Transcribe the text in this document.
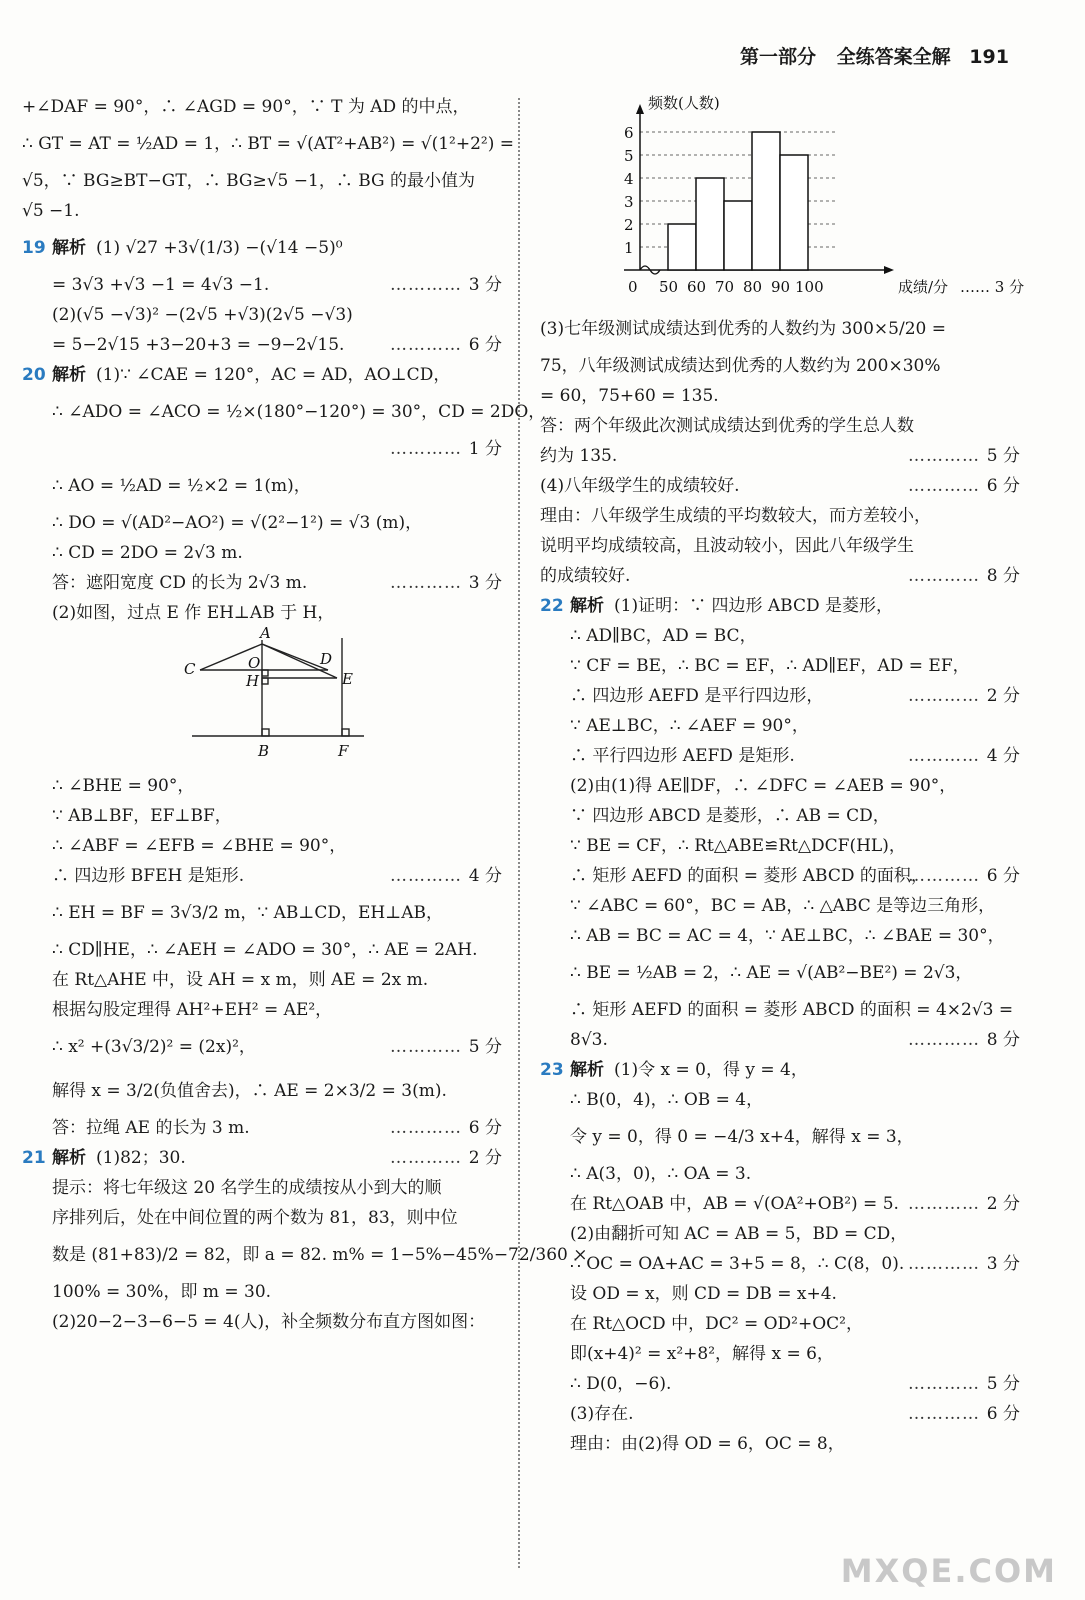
第一部分 全练答案全解 191
+∠DAF = 90°，∴ ∠AGD = 90°，∵ T 为 AD 的中点，
∴ GT = AT = ½AD = 1，∴ BT = √(AT²+AB²) = √(1²+2²) =
√5，∵ BG≥BT−GT，∴ BG≥√5 −1，∴ BG 的最小值为
√5 −1.
19 解析 (1) √27 +3√(1/3) −(√14 −5)⁰
= 3√3 +√3 −1 = 4√3 −1.	………… 3 分
(2)(√5 −√3)² −(2√5 +√3)(2√5 −√3)
= 5−2√15 +3−20+3 = −9−2√15.	………… 6 分
20 解析 (1)∵ ∠CAE = 120°，AC = AD，AO⊥CD，
∴ ∠ADO = ∠ACO = ½×(180°−120°) = 30°，CD = 2DO，
………… 1 分
∴ AO = ½AD = ½×2 = 1(m)，
∴ DO = √(AD²−AO²) = √(2²−1²) = √3 (m)，
∴ CD = 2DO = 2√3 m.
答：遮阳宽度 CD 的长为 2√3 m.	………… 3 分
(2)如图，过点 E 作 EH⊥AB 于 H，
A
C	O	D
H	E
B	F
∴ ∠BHE = 90°，
∵ AB⊥BF，EF⊥BF，
∴ ∠ABF = ∠EFB = ∠BHE = 90°，
∴ 四边形 BFEH 是矩形.	………… 4 分
∴ EH = BF = 3√3/2 m，∵ AB⊥CD，EH⊥AB，
∴ CD∥HE，∴ ∠AEH = ∠ADO = 30°，∴ AE = 2AH.
在 Rt△AHE 中，设 AH = x m，则 AE = 2x m.
根据勾股定理得 AH²+EH² = AE²，
∴ x² +(3√3/2)² = (2x)²，	………… 5 分
解得 x = 3/2(负值舍去)，∴ AE = 2×3/2 = 3(m).
答：拉绳 AE 的长为 3 m.	………… 6 分
21 解析 (1)82；30.	………… 2 分
提示：将七年级这 20 名学生的成绩按从小到大的顺
序排列后，处在中间位置的两个数为 81，83，则中位
数是 (81+83)/2 = 82，即 a = 82. m% = 1−5%−45%−72/360 ×
100% = 30%，即 m = 30.
(2)20−2−3−6−5 = 4(人)，补全频数分布直方图如图：
1
2
3
4
5
6
0 50 60 70 80 90 100
频数(人数)
成绩/分 …… 3 分
(3)七年级测试成绩达到优秀的人数约为 300×5/20 =
75，八年级测试成绩达到优秀的人数约为 200×30%
= 60，75+60 = 135.
答：两个年级此次测试成绩达到优秀的学生总人数
约为 135.	………… 5 分
(4)八年级学生的成绩较好.	………… 6 分
理由：八年级学生成绩的平均数较大，而方差较小，
说明平均成绩较高，且波动较小，因此八年级学生
的成绩较好.	………… 8 分
22 解析 (1)证明：∵ 四边形 ABCD 是菱形，
∴ AD∥BC，AD = BC，
∵ CF = BE，∴ BC = EF，∴ AD∥EF，AD = EF，
∴ 四边形 AEFD 是平行四边形，	………… 2 分
∵ AE⊥BC，∴ ∠AEF = 90°，
∴ 平行四边形 AEFD 是矩形.	………… 4 分
(2)由(1)得 AE∥DF，∴ ∠DFC = ∠AEB = 90°，
∵ 四边形 ABCD 是菱形，∴ AB = CD，
∵ BE = CF，∴ Rt△ABE≌Rt△DCF(HL)，
∴ 矩形 AEFD 的面积 = 菱形 ABCD 的面积，
………… 6 分
∵ ∠ABC = 60°，BC = AB，∴ △ABC 是等边三角形，
∴ AB = BC = AC = 4，∵ AE⊥BC，∴ ∠BAE = 30°，
∴ BE = ½AB = 2，∴ AE = √(AB²−BE²) = 2√3，
∴ 矩形 AEFD 的面积 = 菱形 ABCD 的面积 = 4×2√3 =
8√3.	………… 8 分
23 解析 (1)令 x = 0，得 y = 4，
∴ B(0，4)，∴ OB = 4，
令 y = 0，得 0 = −4/3 x+4，解得 x = 3，
∴ A(3，0)，∴ OA = 3.
在 Rt△OAB 中，AB = √(OA²+OB²) = 5. ………… 2 分
(2)由翻折可知 AC = AB = 5，BD = CD，
∴ OC = OA+AC = 3+5 = 8，∴ C(8，0). ………… 3 分
设 OD = x，则 CD = DB = x+4.
在 Rt△OCD 中，DC² = OD²+OC²，
即(x+4)² = x²+8²，解得 x = 6，
∴ D(0，−6).	………… 5 分
(3)存在.	………… 6 分
理由：由(2)得 OD = 6，OC = 8，
MXQE.COM
